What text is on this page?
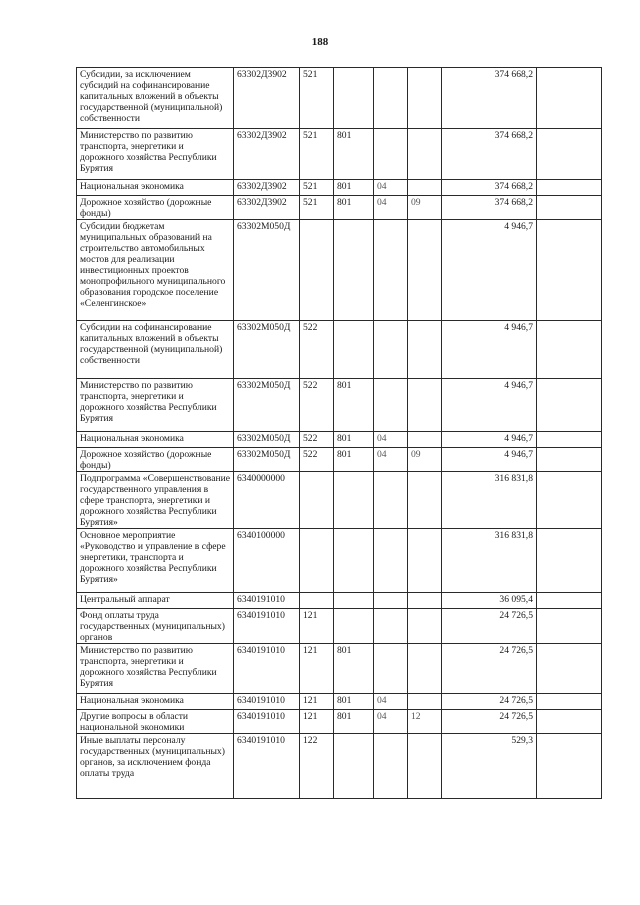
188
Субсидии, за исключением субсидий на софинансирование капитальных вложений в объекты государственной (муниципальной) собственности	63302Д3902	521				374 668,2	
Министерство по развитию транспорта, энергетики и дорожного хозяйства Республики Бурятия	63302Д3902	521	801			374 668,2	
Национальная экономика	63302Д3902	521	801	04		374 668,2	
Дорожное хозяйство (дорожные фонды)	63302Д3902	521	801	04	09	374 668,2	
Субсидии бюджетам муниципальных образований на строительство автомобильных мостов для реализации инвестиционных проектов монопрофильного муниципального образования городское поселение «Селенгинское»	63302М050Д					4 946,7	
Субсидии на софинансирование капитальных вложений в объекты государственной (муниципальной) собственности	63302М050Д	522				4 946,7	
Министерство по развитию транспорта, энергетики и дорожного хозяйства Республики Бурятия	63302М050Д	522	801			4 946,7	
Национальная экономика	63302М050Д	522	801	04		4 946,7	
Дорожное хозяйство (дорожные фонды)	63302М050Д	522	801	04	09	4 946,7	
Подпрограмма «Совершенствование государственного управления в сфере транспорта, энергетики и дорожного хозяйства Республики Бурятия»	6340000000					316 831,8	
Основное мероприятие «Руководство и управление в сфере энергетики, транспорта и дорожного хозяйства Республики Бурятия»	6340100000					316 831,8	
Центральный аппарат	6340191010					36 095,4	
Фонд оплаты труда государственных (муниципальных) органов	6340191010	121				24 726,5	
Министерство по развитию транспорта, энергетики и дорожного хозяйства Республики Бурятия	6340191010	121	801			24 726,5	
Национальная экономика	6340191010	121	801	04		24 726,5	
Другие вопросы в области национальной экономики	6340191010	121	801	04	12	24 726,5	
Иные выплаты персоналу государственных (муниципальных) органов, за исключением фонда оплаты труда	6340191010	122				529,3	
